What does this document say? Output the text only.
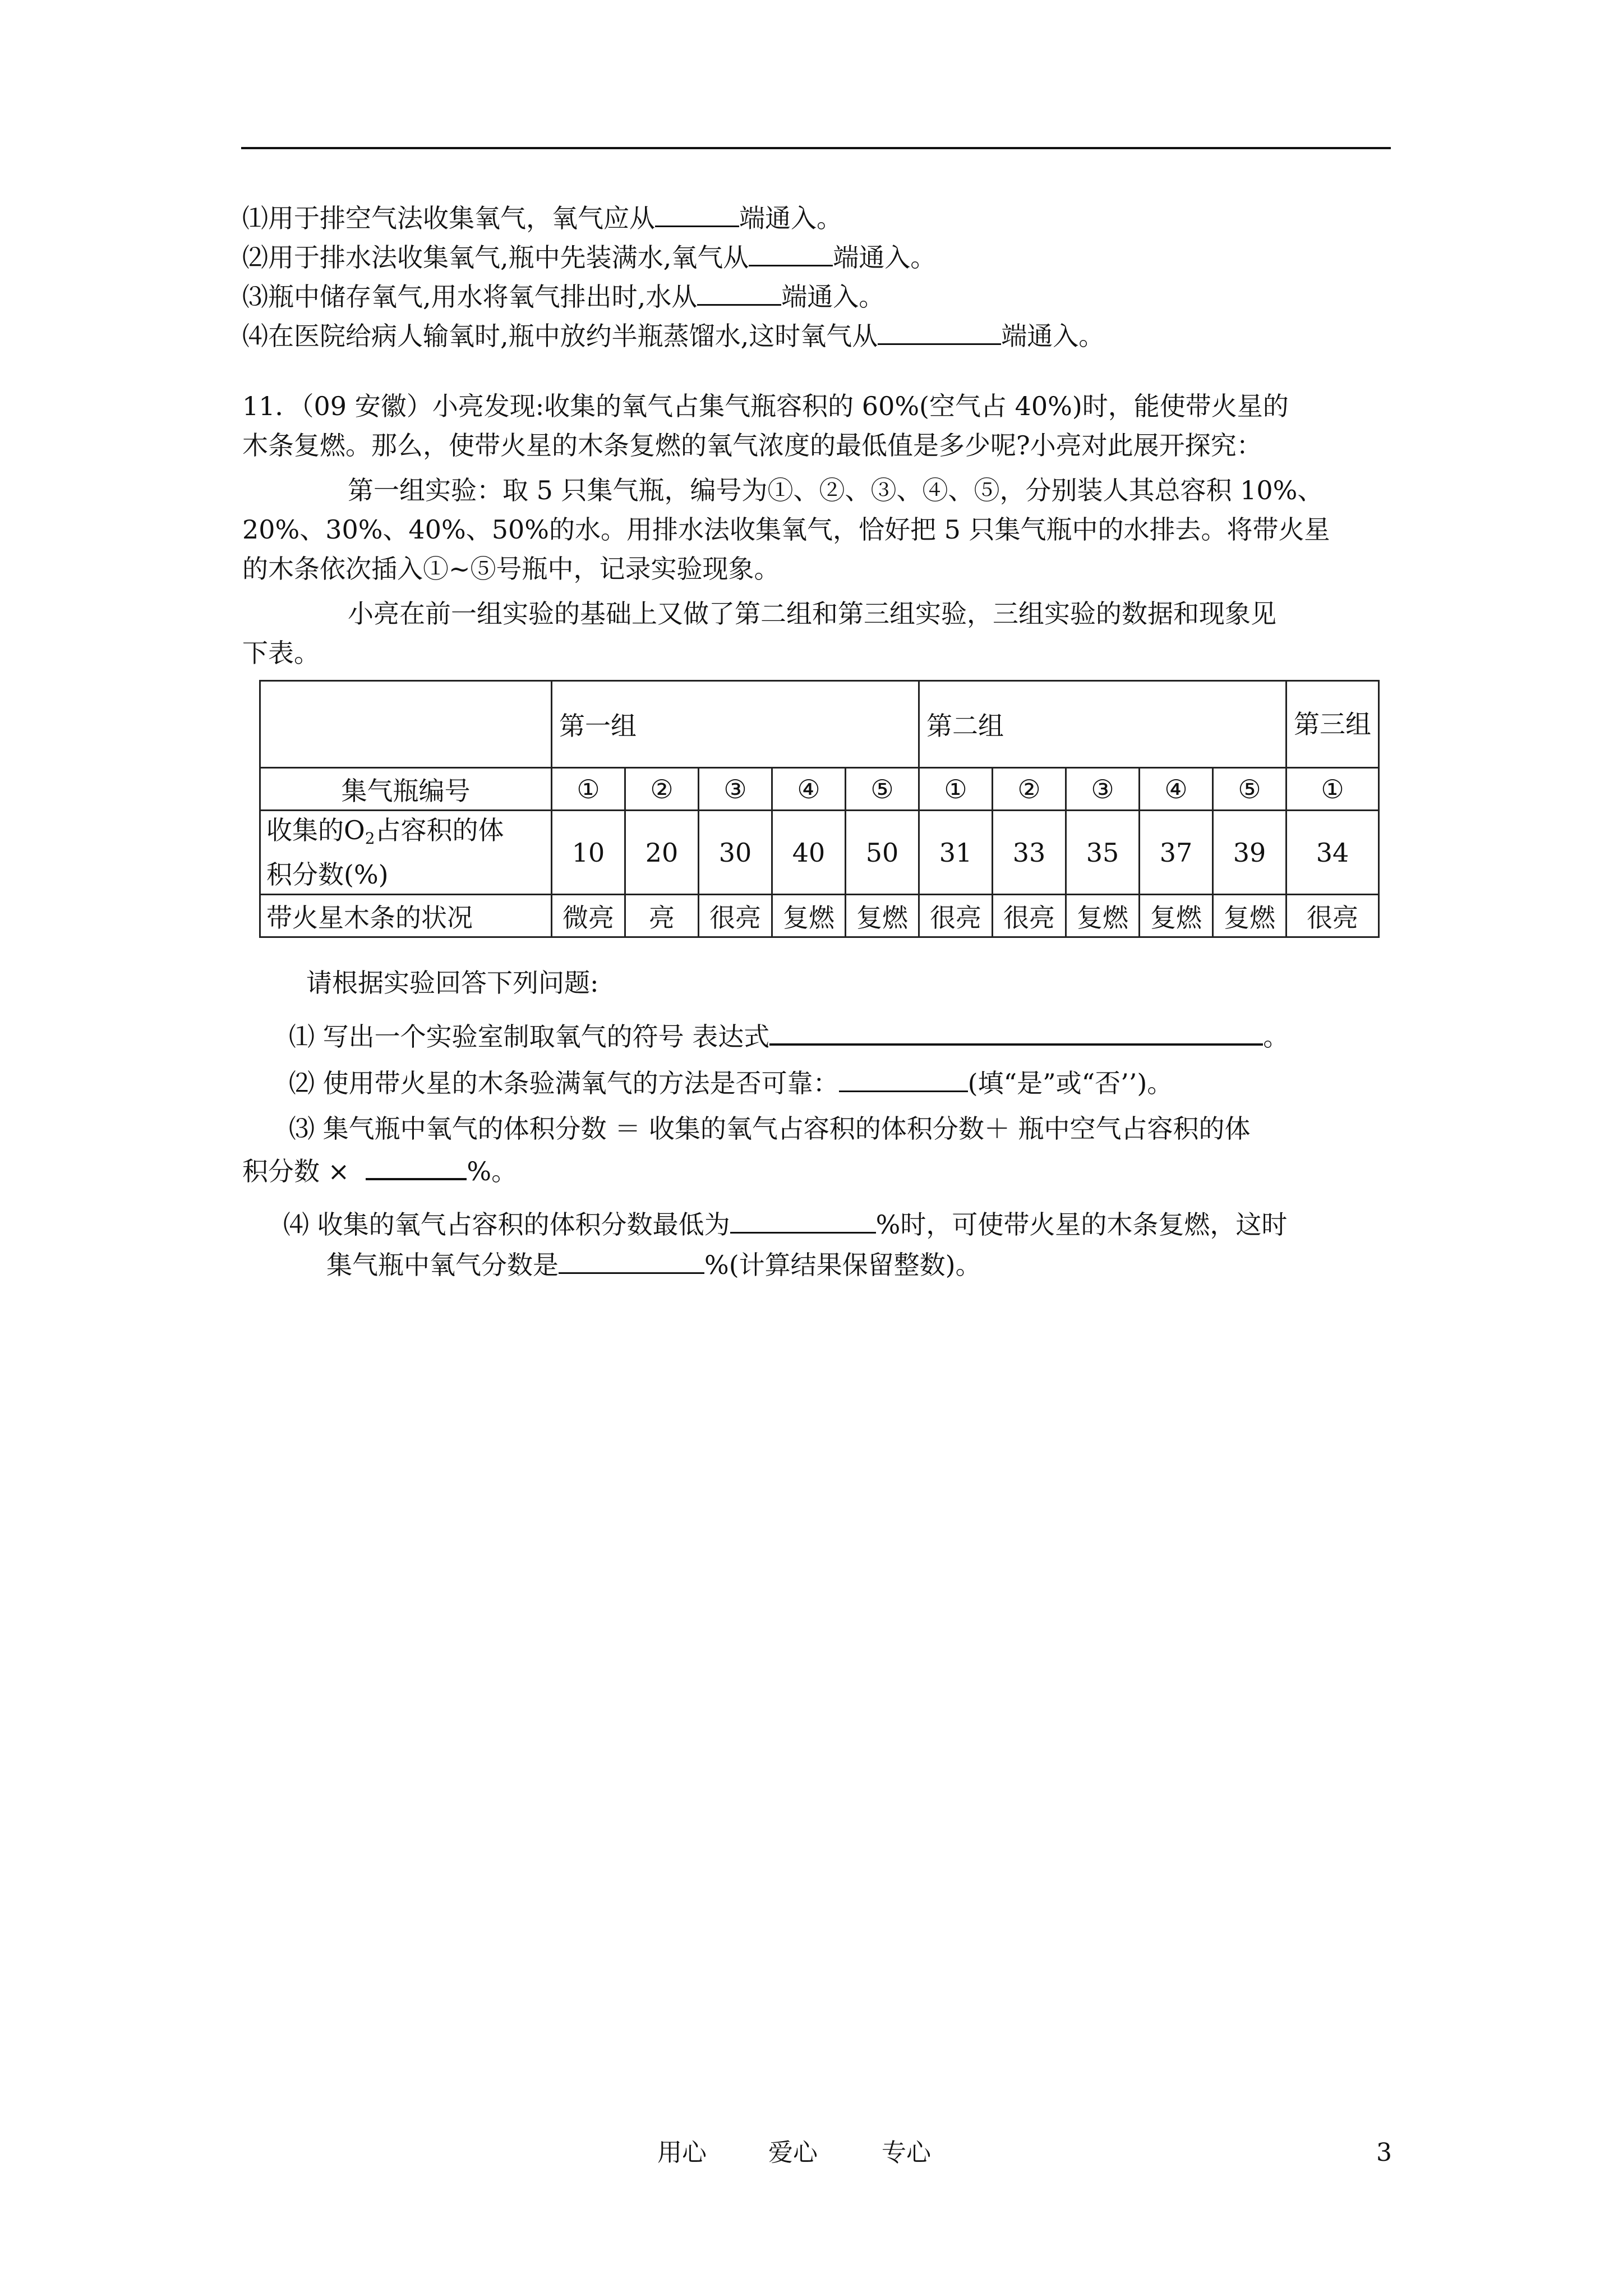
⑴用于排空气法收集氧气，氧气应从	端通入。
⑵用于排水法收集氧气,瓶中先装满水,氧气从	端通入。
⑶瓶中储存氧气,用水将氧气排出时,水从	端通入。
⑷在医院给病人输氧时,瓶中放约半瓶蒸馏水,这时氧气从	端通入。
11．（09 安徽）小亮发现:收集的氧气占集气瓶容积的 60%(空气占 40%)时，能使带火星的
木条复燃。那么，使带火星的木条复燃的氧气浓度的最低值是多少呢?小亮对此展开探究：
第一组实验：取 5 只集气瓶，编号为①、②、③、④、⑤，分别装人其总容积 10%、
20%、30%、40%、50%的水。用排水法收集氧气，恰好把 5 只集气瓶中的水排去。将带火星
的木条依次插入①~⑤号瓶中，记录实验现象。
小亮在前一组实验的基础上又做了第二组和第三组实验，三组实验的数据和现象见
下表。
	第一组					第二组					第三组
集气瓶编号	①	②	③	④	⑤	①	②	③	④	⑤	①
收集的$O_2$占容积的体
积分数(%)	10	20	30	40	50	31	33	35	37	39	34
带火星木条的状况	微亮	亮	很亮	复燃	复燃	很亮	很亮	复燃	复燃	复燃	很亮
请根据实验回答下列问题:
⑴ 写出一个实验室制取氧气的符号 表达式	。
⑵ 使用带火星的木条验满氧气的方法是否可靠：	(填“是”或“否’’)。
⑶ 集气瓶中氧气的体积分数 ＝ 收集的氧气占容积的体积分数＋ 瓶中空气占容积的体
积分数 ×	%。
⑷ 收集的氧气占容积的体积分数最低为	%时，可使带火星的木条复燃，这时
集气瓶中氧气分数是	%(计算结果保留整数)。
用心	爱心	专心	3
